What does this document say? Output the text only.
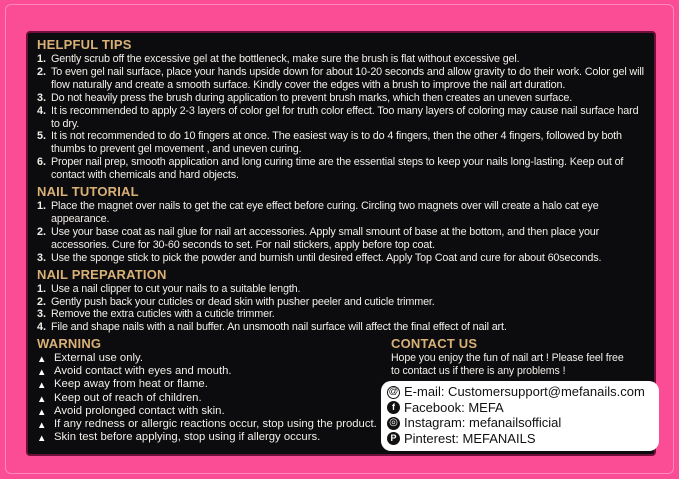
HELPFUL TIPS
1. Gently scrub off the excessive gel at the bottleneck, make sure the brush is flat without excessive gel.
2. To even gel nail surface, place your hands upside down for about 10-20 seconds and allow gravity to do their work. Color gel will flow naturally and create a smooth surface. Kindly cover the edges with a brush to improve the nail art duration.
3. Do not heavily press the brush during application to prevent brush marks, which then creates an uneven surface.
4. It is recommended to apply 2-3 layers of color gel for truth color effect. Too many layers of coloring may cause nail surface hard to dry.
5. It is not recommended to do 10 fingers at once. The easiest way is to do 4 fingers, then the other 4 fingers, followed by both thumbs to prevent gel movement , and uneven curing.
6. Proper nail prep, smooth application and long curing time are the essential steps to keep your nails long-lasting. Keep out of contact with chemicals and hard objects.
NAIL TUTORIAL
1. Place the magnet over nails to get the cat eye effect before curing. Circling two magnets over will create a halo cat eye appearance.
2. Use your base coat as nail glue for nail art accessories. Apply small smount of base at the bottom, and then place your accessories. Cure for 30-60 seconds to set. For nail stickers, apply before top coat.
3. Use the sponge stick to pick the powder and burnish until desired effect. Apply Top Coat and cure for about 60seconds.
NAIL PREPARATION
1. Use a nail clipper to cut your nails to a suitable length.
2. Gently push back your cuticles or dead skin with pusher peeler and cuticle trimmer.
3. Remove the extra cuticles with a cuticle trimmer.
4. File and shape nails with a nail buffer. An unsmooth nail surface will affect the final effect of nail art.
WARNING
▲ External use only.
▲ Avoid contact with eyes and mouth.
▲ Keep away from heat or flame.
▲ Keep out of reach of children.
▲ Avoid prolonged contact with skin.
▲ If any redness or allergic reactions occur, stop using the product.
▲ Skin test before applying, stop using if allergy occurs.
CONTACT US
Hope you enjoy the fun of nail art ! Please feel free to contact us if there is any problems !
@ E-mail: Customersupport@mefanails.com
f Facebook: MEFA
◎ Instagram: mefanailsofficial
P Pinterest: MEFANAILS
